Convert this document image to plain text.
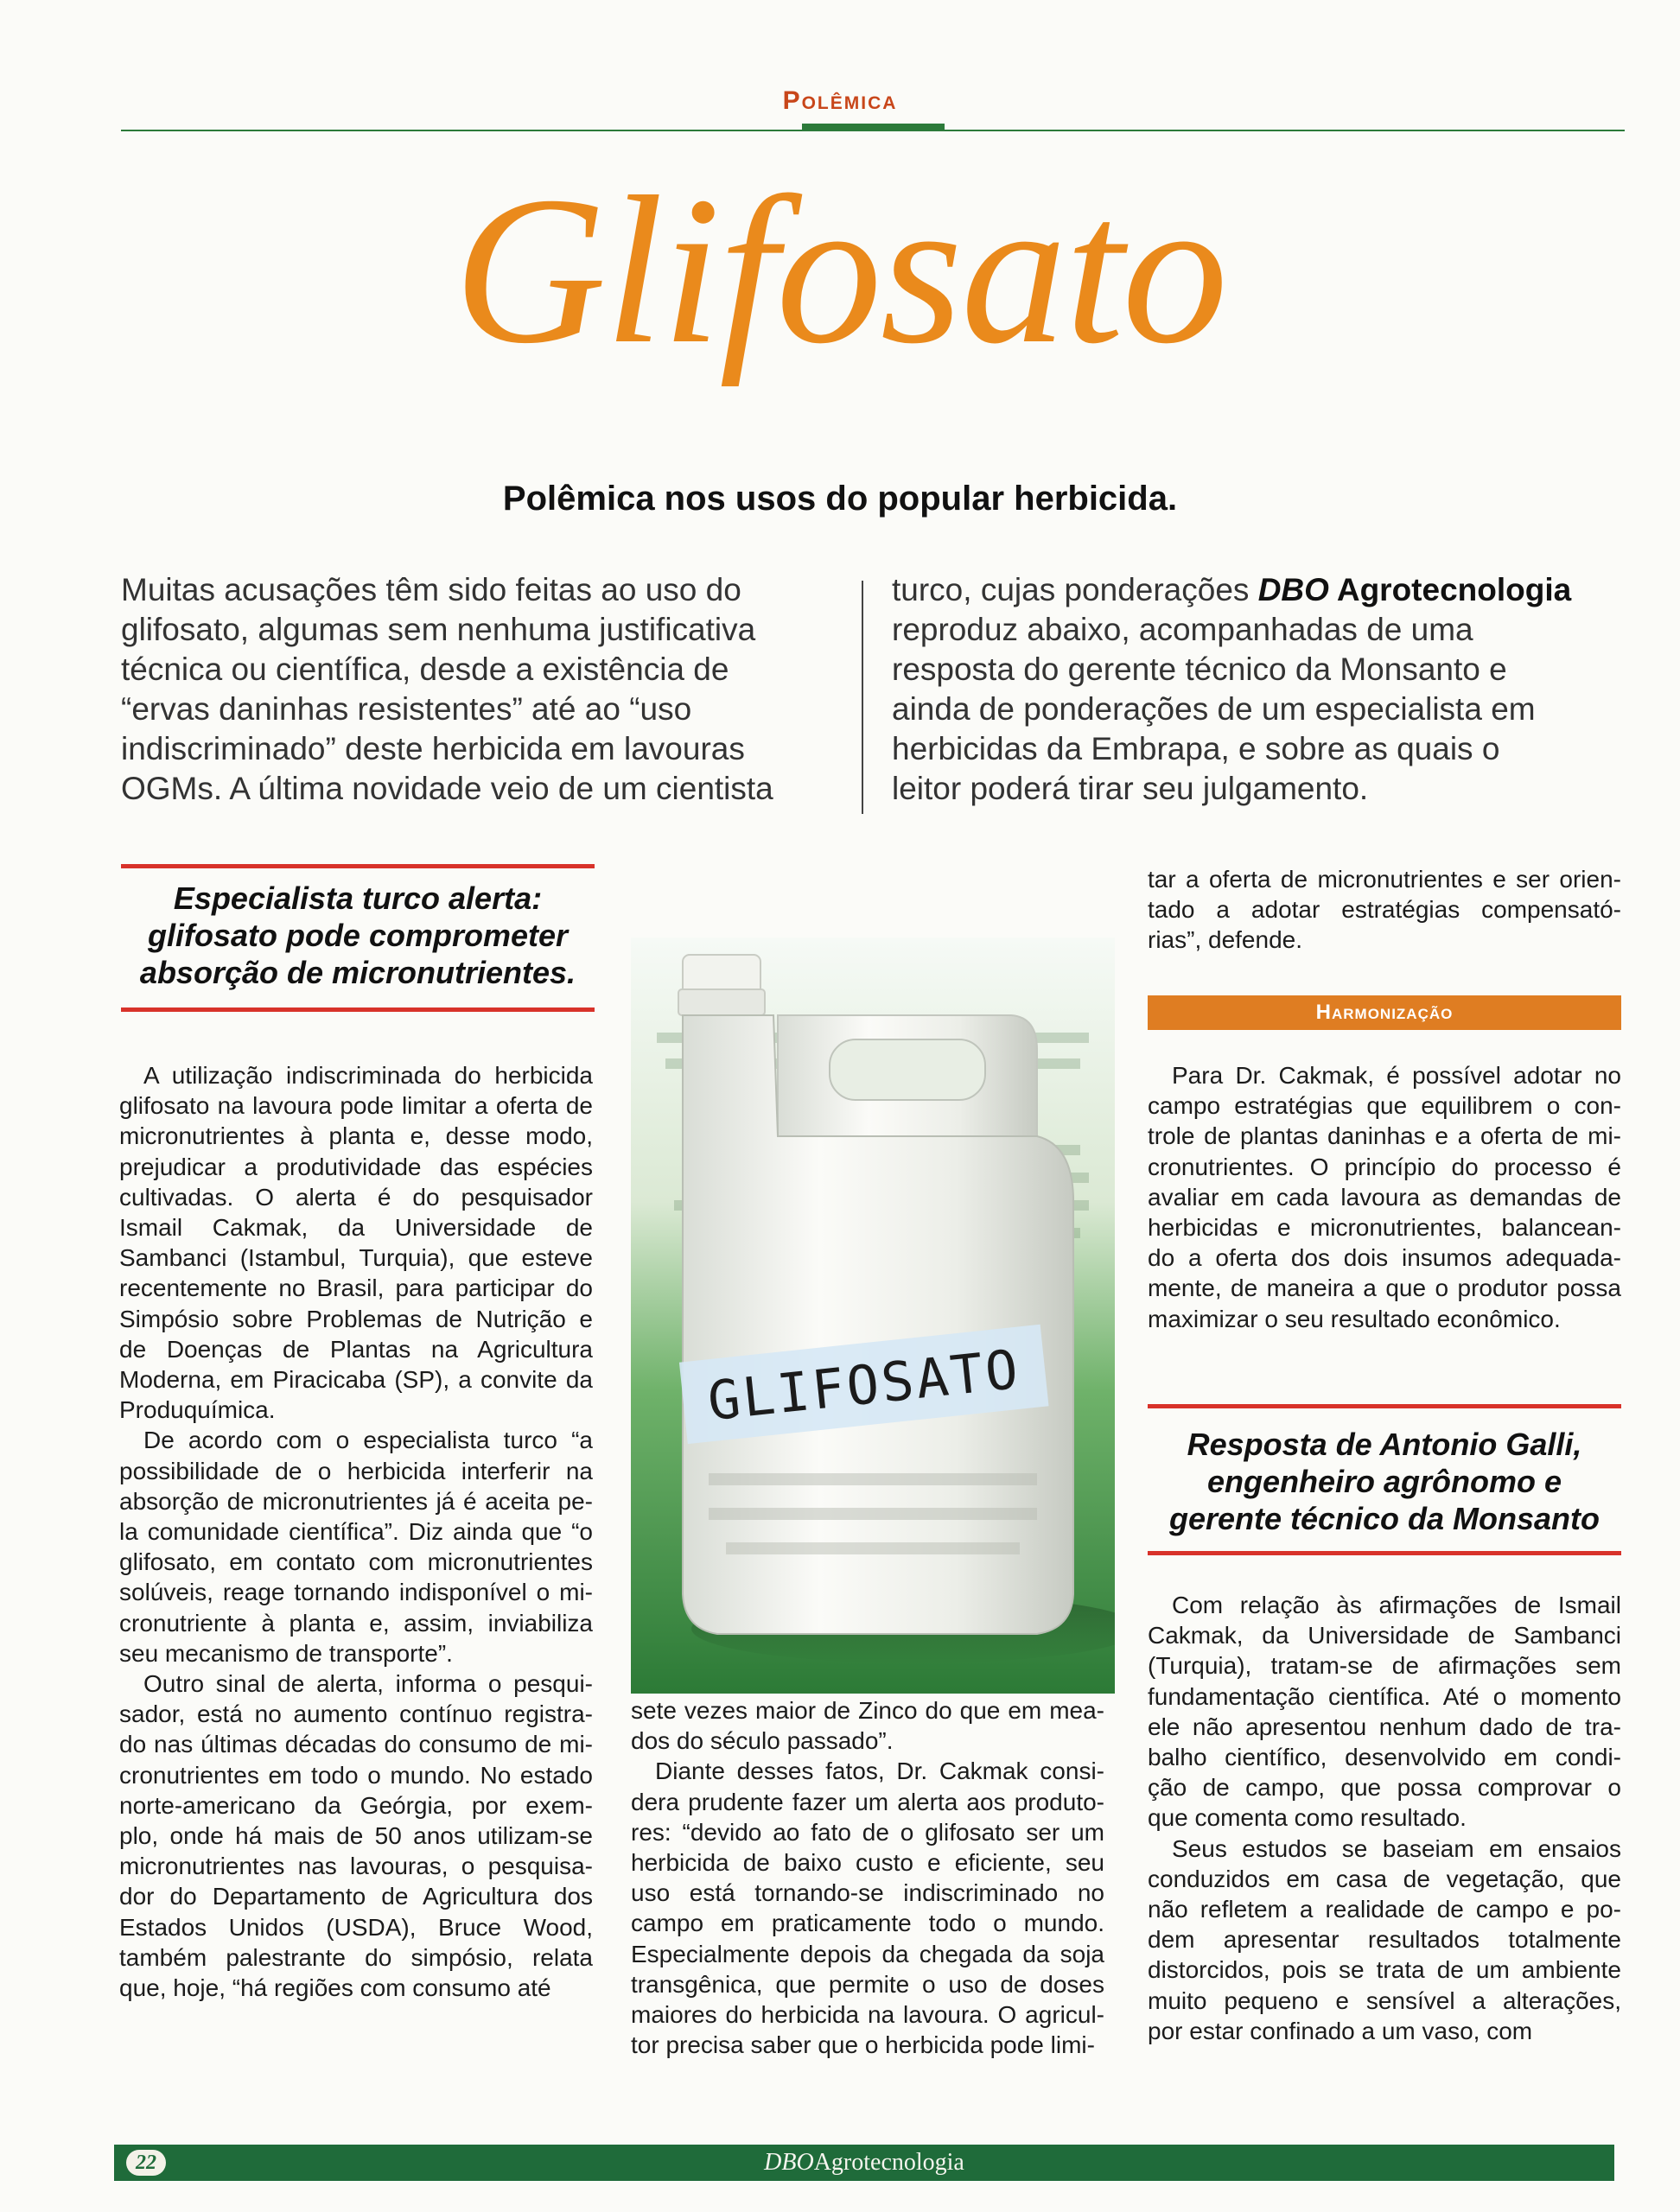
Polêmica
Glifosato
Polêmica nos usos do popular herbicida.
Muitas acusações têm sido feitas ao uso do
glifosato, algumas sem nenhuma justificativa
técnica ou científica, desde a existência de
“ervas daninhas resistentes” até ao “uso
indiscriminado” deste herbicida em lavouras
OGMs. A última novidade veio de um cientista
turco, cujas ponderações DBO Agrotecnologia
reproduz abaixo, acompanhadas de uma
resposta do gerente técnico da Monsanto e
ainda de ponderações de um especialista em
herbicidas da Embrapa, e sobre as quais o
leitor poderá tirar seu julgamento.
Especialista turco alerta:
glifosato pode comprometer
absorção de micronutrientes.
A utilização indiscriminada do herbicida
glifosato na lavoura pode limitar a oferta de
micronutrientes à planta e, desse modo,
prejudicar a produtividade das espécies
cultivadas. O alerta é do pesquisador
Ismail Cakmak, da Universidade de
Sambanci (Istambul, Turquia), que esteve
recentemente no Brasil, para participar do
Simpósio sobre Problemas de Nutrição e
de Doenças de Plantas na Agricultura
Moderna, em Piracicaba (SP), a convite da
Produquímica.
De acordo com o especialista turco “a
possibilidade de o herbicida interferir na
absorção de micronutrientes já é aceita pe-
la comunidade científica”. Diz ainda que “o
glifosato, em contato com micronutrientes
solúveis, reage tornando indisponível o mi-
cronutriente à planta e, assim, inviabiliza
seu mecanismo de transporte”.
Outro sinal de alerta, informa o pesqui-
sador, está no aumento contínuo registra-
do nas últimas décadas do consumo de mi-
cronutrientes em todo o mundo. No estado
norte-americano da Geórgia, por exem-
plo, onde há mais de 50 anos utilizam-se
micronutrientes nas lavouras, o pesquisa-
dor do Departamento de Agricultura dos
Estados Unidos (USDA), Bruce Wood,
também palestrante do simpósio, relata
que, hoje, “há regiões com consumo até
GLIFOSATO
sete vezes maior de Zinco do que em mea-
dos do século passado”.
Diante desses fatos, Dr. Cakmak consi-
dera prudente fazer um alerta aos produto-
res: “devido ao fato de o glifosato ser um
herbicida de baixo custo e eficiente, seu
uso está tornando-se indiscriminado no
campo em praticamente todo o mundo.
Especialmente depois da chegada da soja
transgênica, que permite o uso de doses
maiores do herbicida na lavoura. O agricul-
tor precisa saber que o herbicida pode limi-
tar a oferta de micronutrientes e ser orien-
tado a adotar estratégias compensató-
rias”, defende.
Harmonização
Para Dr. Cakmak, é possível adotar no
campo estratégias que equilibrem o con-
trole de plantas daninhas e a oferta de mi-
cronutrientes. O princípio do processo é
avaliar em cada lavoura as demandas de
herbicidas e micronutrientes, balancean-
do a oferta dos dois insumos adequada-
mente, de maneira a que o produtor possa
maximizar o seu resultado econômico.
Resposta de Antonio Galli,
engenheiro agrônomo e
gerente técnico da Monsanto
Com relação às afirmações de Ismail
Cakmak, da Universidade de Sambanci
(Turquia), tratam-se de afirmações sem
fundamentação científica. Até o momento
ele não apresentou nenhum dado de tra-
balho científico, desenvolvido em condi-
ção de campo, que possa comprovar o
que comenta como resultado.
Seus estudos se baseiam em ensaios
conduzidos em casa de vegetação, que
não refletem a realidade de campo e po-
dem apresentar resultados totalmente
distorcidos, pois se trata de um ambiente
muito pequeno e sensível a alterações,
por estar confinado a um vaso, com
22	DBOAgrotecnologia
